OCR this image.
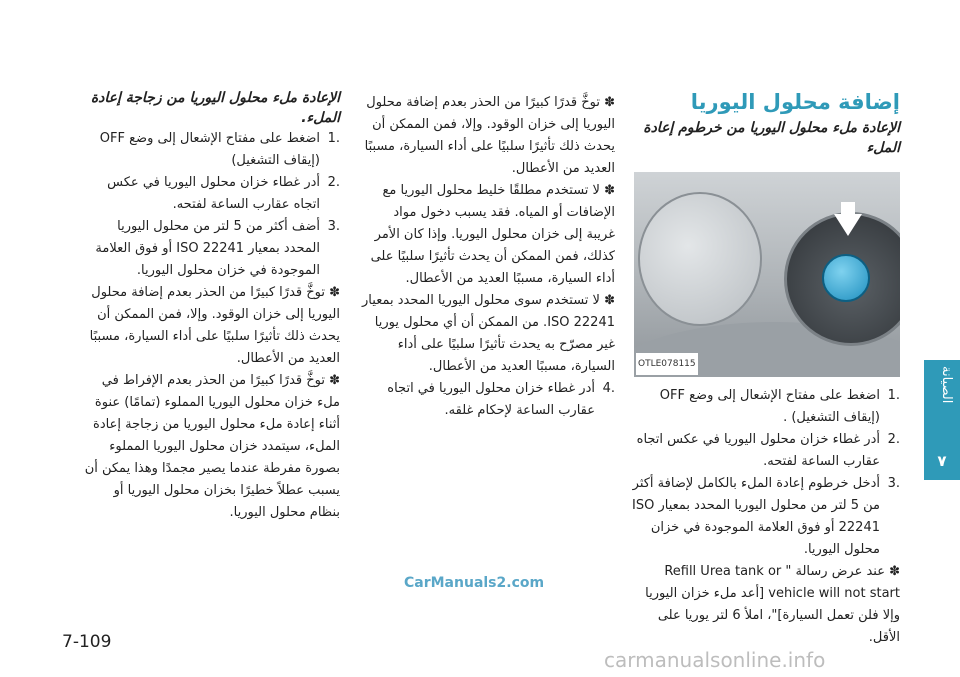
الصيانة
٧

إضافة محلول اليوريا

الإعادة ملء محلول اليوريا من خرطوم إعادة الملء

OTLE078115

.1
اضغط على مفتاح الإشعال إلى وضع OFF (إيقاف التشغيل) .

.2
أدر غطاء خزان محلول اليوريا في عكس اتجاه عقارب الساعة لفتحه.

.3
أدخل خرطوم إعادة الملء بالكامل لإضافة أكثر من 5 لتر من محلول اليوريا المحدد بمعيار ISO 22241 أو فوق العلامة الموجودة في خزان محلول اليوريا.

✽ عند عرض رسالة " Refill Urea tank or vehicle will not start [أعد ملء خزان اليوريا وإلا فلن تعمل السيارة]"، املأ 6 لتر يوريا على الأقل.

✽ توخَّ قدرًا كبيرًا من الحذر بعدم إضافة محلول اليوريا إلى خزان الوقود. وإلا، فمن الممكن أن يحدث ذلك تأثيرًا سلبيًا على أداء السيارة، مسببًا العديد من الأعطال.

✽ لا تستخدم مطلقًا خليط محلول اليوريا مع الإضافات أو المياه. فقد يسبب دخول مواد غريبة إلى خزان محلول اليوريا. وإذا كان الأمر كذلك، فمن الممكن أن يحدث تأثيرًا سلبيًا على أداء السيارة، مسببًا العديد من الأعطال.

✽ لا تستخدم سوى محلول اليوريا المحدد بمعيار ISO 22241. من الممكن أن أي محلول يوريا غير مصرّح به يحدث تأثيرًا سلبيًا على أداء السيارة، مسببًا العديد من الأعطال.

.4
أدر غطاء خزان محلول اليوريا في اتجاه عقارب الساعة لإحكام غلقه.

الإعادة ملء محلول اليوريا من زجاجة إعادة الملء.

.1
اضغط على مفتاح الإشعال إلى وضع OFF (إيقاف التشغيل)

.2
أدر غطاء خزان محلول اليوريا في عكس اتجاه عقارب الساعة لفتحه.

.3
أضف أكثر من 5 لتر من محلول اليوريا المحدد بمعيار ISO 22241 أو فوق العلامة الموجودة في خزان محلول اليوريا.

✽ توخَّ قدرًا كبيرًا من الحذر بعدم إضافة محلول اليوريا إلى خزان الوقود. وإلا، فمن الممكن أن يحدث ذلك تأثيرًا سلبيًا على أداء السيارة، مسببًا العديد من الأعطال.

✽ توخَّ قدرًا كبيرًا من الحذر بعدم الإفراط في ملء خزان محلول اليوريا المملوء (تمامًا) عنوة أثناء إعادة ملء محلول اليوريا من زجاجة إعادة الملء، سيتمدد خزان محلول اليوريا المملوء بصورة مفرطة عندما يصير مجمدًا وهذا يمكن أن يسبب عطلاً خطيرًا بخزان محلول اليوريا أو بنظام محلول اليوريا.

7-109
CarManuals2.com
carmanualsonline.info
